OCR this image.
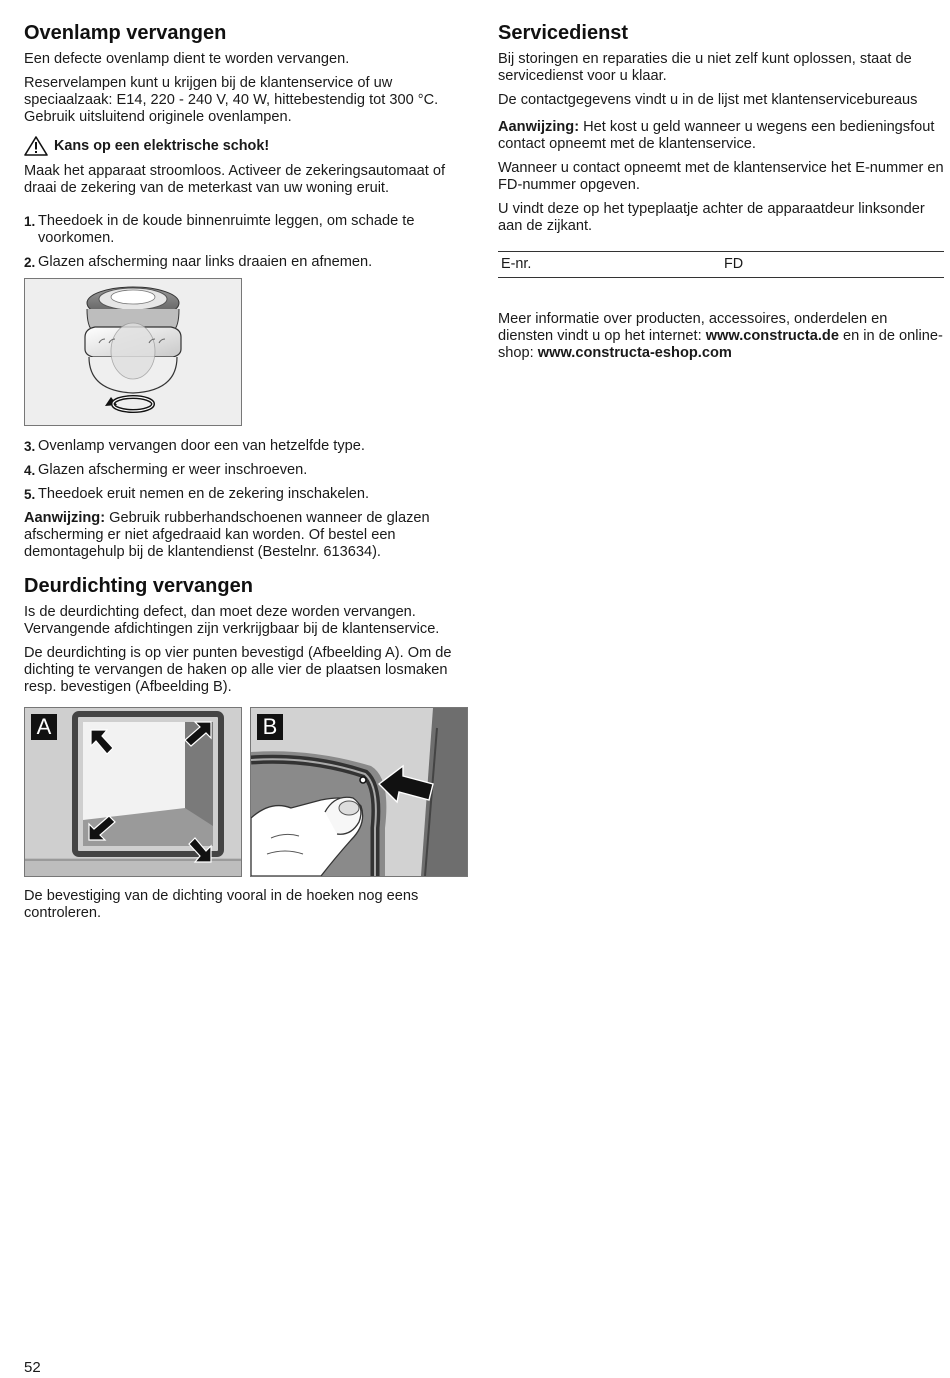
Ovenlamp vervangen

Een defecte ovenlamp dient te worden vervangen.

Reservelampen kunt u krijgen bij de klantenservice of uw speciaalzaak: E14, 220 - 240 V, 40 W, hittebestendig tot 300 °C. Gebruik uitsluitend originele ovenlampen.

Kans op een elektrische schok!

Maak het apparaat stroomloos. Activeer de zekeringsautomaat of draai de zekering van de meterkast van uw woning eruit.

1. Theedoek in de koude binnenruimte leggen, om schade te voorkomen.
2. Glazen afscherming naar links draaien en afnemen.
3. Ovenlamp vervangen door een van hetzelfde type.
4. Glazen afscherming er weer inschroeven.
5. Theedoek eruit nemen en de zekering inschakelen.

Aanwijzing: Gebruik rubberhandschoenen wanneer de glazen afscherming er niet afgedraaid kan worden. Of bestel een demontagehulp bij de klantendienst (Bestelnr. 613634).

Deurdichting vervangen

Is de deurdichting defect, dan moet deze worden vervangen. Vervangende afdichtingen zijn verkrijgbaar bij de klantenservice.

De deurdichting is op vier punten bevestigd (Afbeelding A). Om de dichting te vervangen de haken op alle vier de plaatsen losmaken resp. bevestigen (Afbeelding B).

A	B

De bevestiging van de dichting vooral in de hoeken nog eens controleren.

Servicedienst

Bij storingen en reparaties die u niet zelf kunt oplossen, staat de servicedienst voor u klaar.

De contactgegevens vindt u in de lijst met klantenservicebureaus

Aanwijzing: Het kost u geld wanneer u wegens een bedieningsfout contact opneemt met de klantenservice.

Wanneer u contact opneemt met de klantenservice het E-nummer en FD-nummer opgeven.

U vindt deze op het typeplaatje achter de apparaatdeur linksonder aan de zijkant.

E-nr.	FD

Meer informatie over producten, accessoires, onderdelen en diensten vindt u op het internet: www.constructa.de en in de online-shop: www.constructa-eshop.com

52
